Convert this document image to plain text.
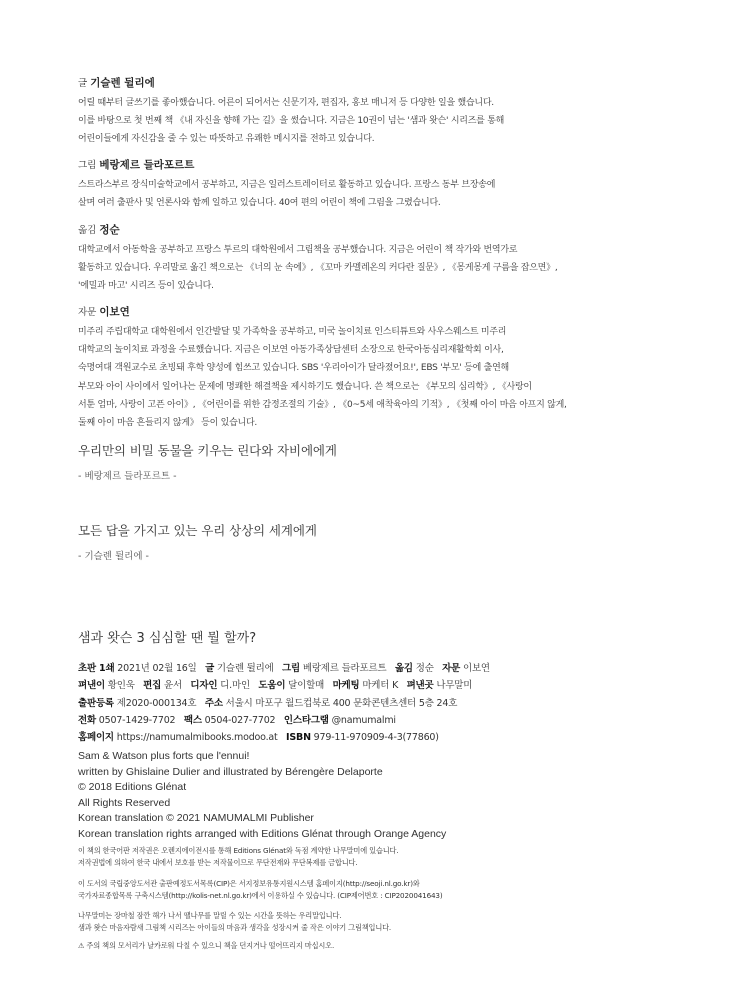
글 기슬렌 뒬리에
어릴 때부터 글쓰기를 좋아했습니다. 어른이 되어서는 신문기자, 편집자, 홍보 매니저 등 다양한 일을 했습니다.
이를 바탕으로 첫 번째 책 《내 자신을 향해 가는 길》을 썼습니다. 지금은 10권이 넘는 '샘과 왓슨' 시리즈를 통해
어린이들에게 자신감을 줄 수 있는 따뜻하고 유쾌한 메시지를 전하고 있습니다.
그림 베랑제르 들라포르트
스트라스부르 장식미술학교에서 공부하고, 지금은 일러스트레이터로 활동하고 있습니다. 프랑스 동부 브장송에
살며 여러 출판사 및 언론사와 함께 일하고 있습니다. 40여 편의 어린이 책에 그림을 그렸습니다.
옮김 정순
대학교에서 아동학을 공부하고 프랑스 투르의 대학원에서 그림책을 공부했습니다. 지금은 어린이 책 작가와 번역가로
활동하고 있습니다. 우리말로 옮긴 책으로는 《너의 눈 속에》, 《꼬마 카멜레온의 커다란 질문》, 《몽게몽게 구름을 잡으면》,
'에밀과 마고' 시리즈 등이 있습니다.
자문 이보연
미주리 주립대학교 대학원에서 인간발달 및 가족학을 공부하고, 미국 놀이치료 인스티튜트와 사우스웨스트 미주리
대학교의 놀이치료 과정을 수료했습니다. 지금은 이보연 아동가족상담센터 소장으로 한국아동심리재활학회 이사,
숙명여대 객원교수로 초빙돼 후학 양성에 힘쓰고 있습니다. SBS '우리아이가 달라졌어요!', EBS '부모' 등에 출연해
부모와 아이 사이에서 일어나는 문제에 명쾌한 해결책을 제시하기도 했습니다. 쓴 책으로는 《부모의 심리학》, 《사랑이
서툰 엄마, 사랑이 고픈 아이》, 《어린이를 위한 감정조절의 기술》, 《0~5세 애착육아의 기적》, 《첫째 아이 마음 아프지 않게,
둘째 아이 마음 흔들리지 않게》 등이 있습니다.
우리만의 비밀 동물을 키우는 린다와 자비에에게
- 베랑제르 들라포르트 -
모든 답을 가지고 있는 우리 상상의 세계에게
- 기슬렌 뒬리에 -
샘과 왓슨 3 심심할 땐 뭘 할까?
초판 1쇄 2021년 02월 16일 글 기슬렌 뒬리에 그림 베랑제르 들라포르트 옮김 정순 자문 이보연
펴낸이 황인욱 편집 윤서 디자인 디.마인 도움이 달이할매 마케팅 마케터 K 펴낸곳 나무말미
출판등록 제2020-000134호 주소 서울시 마포구 월드컵북로 400 문화콘텐츠센터 5층 24호
전화 0507-1429-7702 팩스 0504-027-7702 인스타그램 @namumalmi
홈페이지 https://namumalmibooks.modoo.at ISBN 979-11-970909-4-3(77860)
Sam & Watson plus forts que l'ennui!
written by Ghislaine Dulier and illustrated by Bérengère Delaporte
© 2018 Editions Glénat
All Rights Reserved
Korean translation © 2021 NAMUMALMI Publisher
Korean translation rights arranged with Editions Glénat through Orange Agency
이 책의 한국어판 저작권은 오렌지에이전시를 통해 Editions Glénat와 독점 계약한 나무말미에 있습니다.
저작권법에 의하여 한국 내에서 보호를 받는 저작물이므로 무단전재와 무단복제를 금합니다.
이 도서의 국립중앙도서관 출판예정도서목록(CIP)은 서지정보유통지원시스템 홈페이지(http://seoji.nl.go.kr)와
국가자료종합목록 구축시스템(http://kolis-net.nl.go.kr)에서 이용하실 수 있습니다. (CIP제어번호 : CIP2020041643)
나무말미는 장마철 잠깐 해가 나서 땔나무를 말릴 수 있는 시간을 뜻하는 우리말입니다.
샘과 왓슨 마음자람새 그림책 시리즈는 아이들의 마음과 생각을 성장시켜 줄 작은 이야기 그림책입니다.
⚠ 주의 책의 모서리가 날카로워 다칠 수 있으니 책을 던지거나 떨어뜨리지 마십시오.
